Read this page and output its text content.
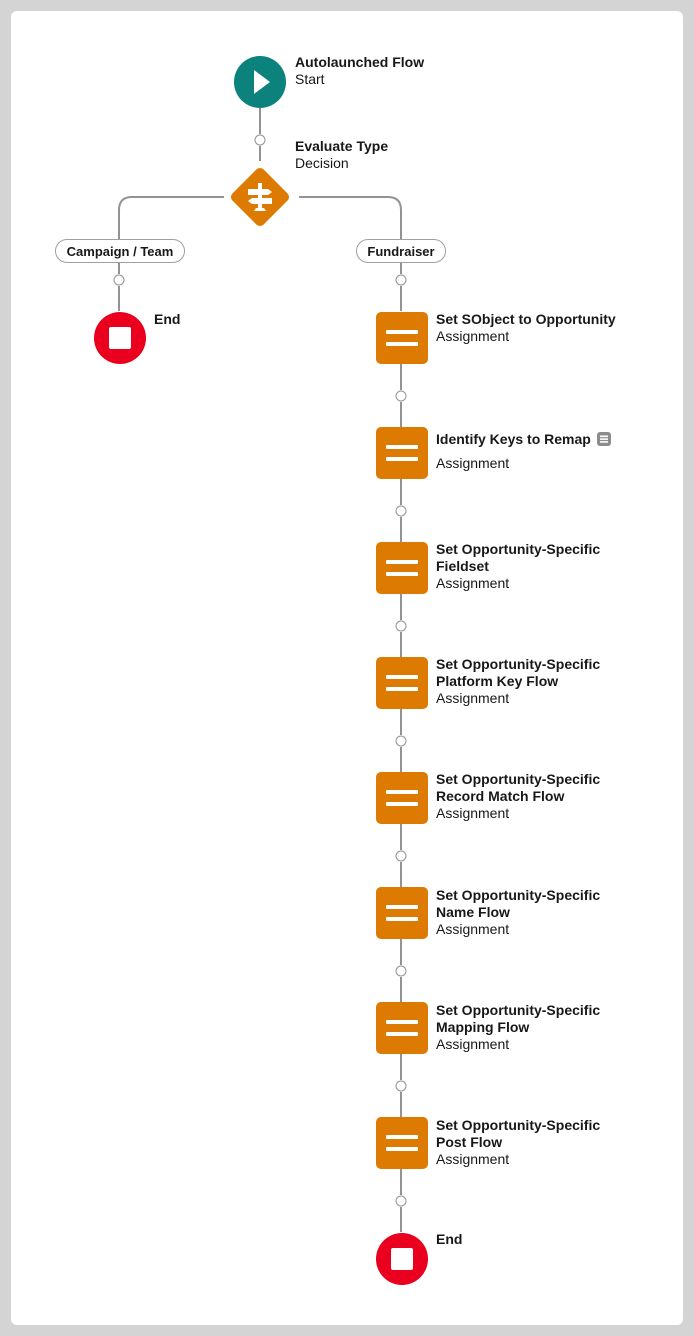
Autolaunched Flow
Start
Evaluate Type
Decision
Campaign / Team	Fundraiser
End	Set SObject to Opportunity
Assignment
Identify Keys to Remap
Assignment
Set Opportunity-Specific Fieldset
Assignment
Set Opportunity-Specific Platform Key Flow
Assignment
Set Opportunity-Specific Record Match Flow
Assignment
Set Opportunity-Specific Name Flow
Assignment
Set Opportunity-Specific Mapping Flow
Assignment
Set Opportunity-Specific Post Flow
Assignment
End
